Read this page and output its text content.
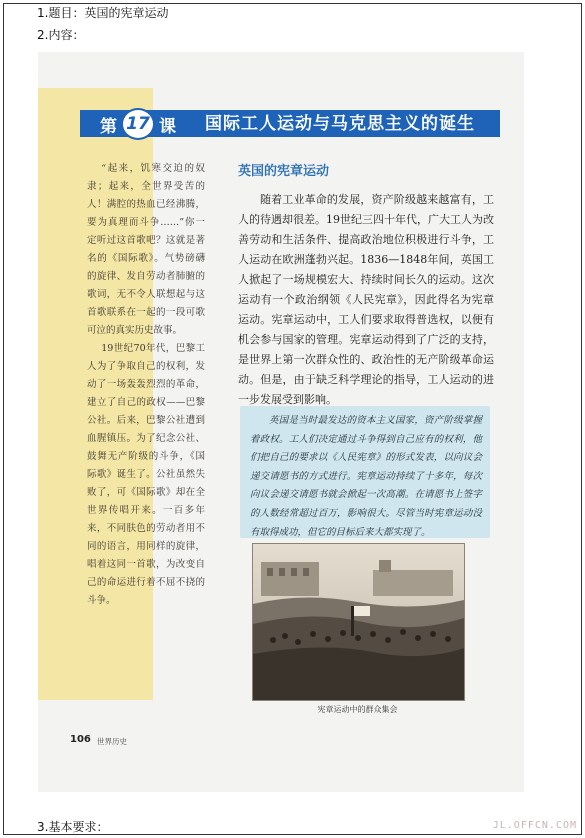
1.题目：英国的宪章运动
2.内容：
第 17 课 国际工人运动与马克思主义的诞生

“起来，饥寒交迫的奴隶；起来，全世界受苦的人！满腔的热血已经沸腾，要为真理而斗争……”你一定听过这首歌吧？这就是著名的《国际歌》。气势磅礴的旋律、发自劳动者肺腑的歌词，无不令人联想起与这首歌联系在一起的一段可歌可泣的真实历史故事。

19世纪70年代，巴黎工人为了争取自己的权利，发动了一场轰轰烈烈的革命，建立了自己的政权——巴黎公社。后来，巴黎公社遭到血腥镇压。为了纪念公社、鼓舞无产阶级的斗争，《国际歌》诞生了。公社虽然失败了，可《国际歌》却在全世界传唱开来。一百多年来，不同肤色的劳动者用不同的语言，用同样的旋律，唱着这同一首歌，为改变自己的命运进行着不屈不挠的斗争。

英国的宪章运动

随着工业革命的发展，资产阶级越来越富有，工人的待遇却很差。19世纪三四十年代，广大工人为改善劳动和生活条件、提高政治地位积极进行斗争，工人运动在欧洲蓬勃兴起。1836—1848年间，英国工人掀起了一场规模宏大、持续时间长久的运动。这次运动有一个政治纲领《人民宪章》，因此得名为宪章运动。宪章运动中，工人们要求取得普选权，以便有机会参与国家的管理。宪章运动得到了广泛的支持，是世界上第一次群众性的、政治性的无产阶级革命运动。但是，由于缺乏科学理论的指导，工人运动的进一步发展受到影响。

英国是当时最发达的资本主义国家，资产阶级掌握着政权。工人们决定通过斗争得到自己应有的权利，他们把自己的要求以《人民宪章》的形式发表，以向议会递交请愿书的方式进行。宪章运动持续了十多年，每次向议会递交请愿书就会掀起一次高潮。在请愿书上签字的人数经常超过百万，影响很大。尽管当时宪章运动没有取得成功，但它的目标后来大都实现了。

宪章运动中的群众集会
106 世界历史
3.基本要求：	JL.OFFCN.COM
